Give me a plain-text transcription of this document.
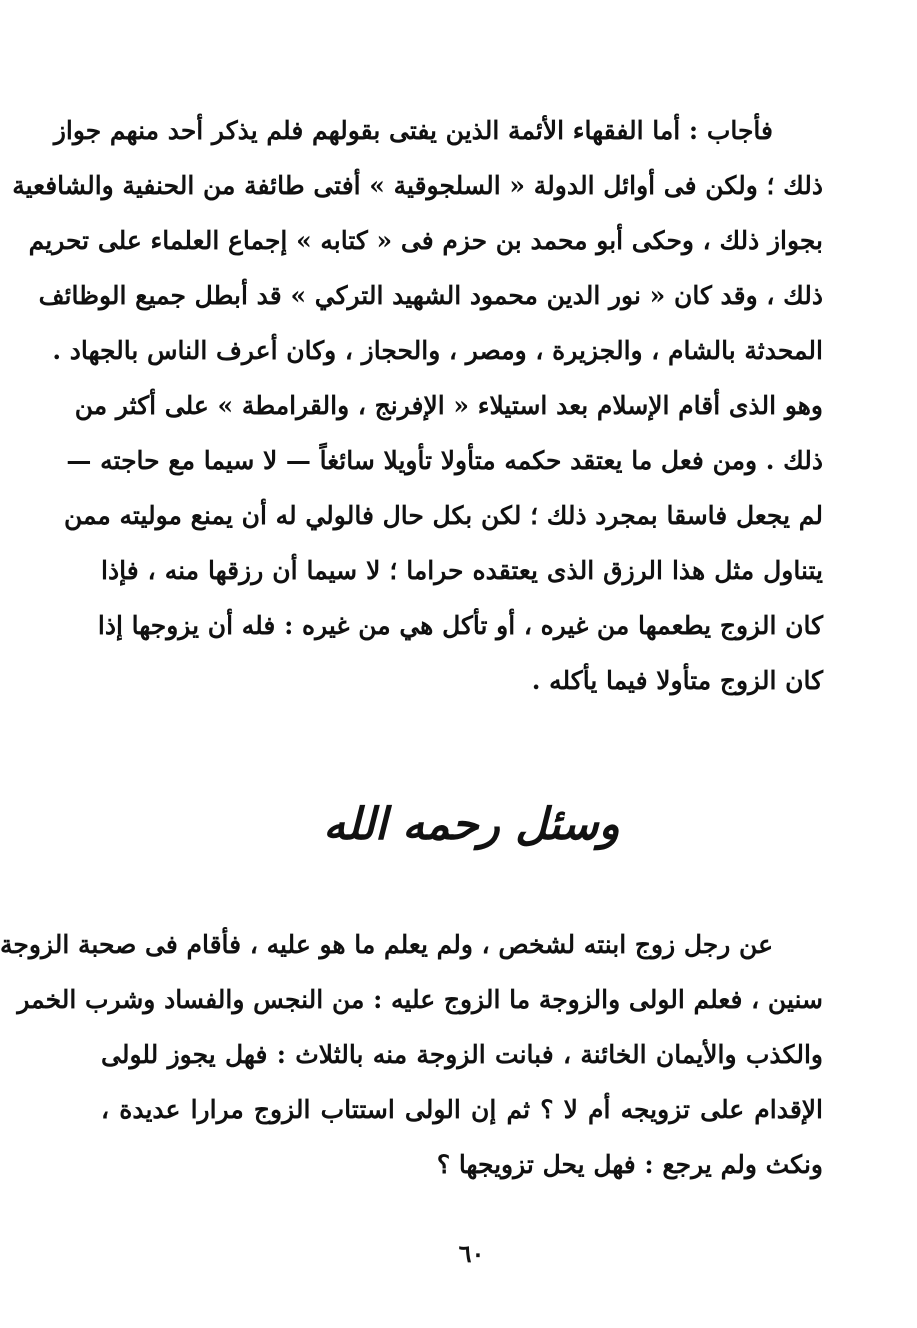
فأجاب : أما الفقهاء الأئمة الذين يفتى بقولهم فلم يذكر أحد منهم جواز
ذلك ؛ ولكن فى أوائل الدولة « السلجوقية » أفتى طائفة من الحنفية والشافعية
بجواز ذلك ، وحكى أبو محمد بن حزم فى « كتابه » إجماع العلماء على تحريم
ذلك ، وقد كان « نور الدين محمود الشهيد التركي » قد أبطل جميع الوظائف
المحدثة بالشام ، والجزيرة ، ومصر ، والحجاز ، وكان أعرف الناس بالجهاد .
وهو الذى أقام الإسلام بعد استيلاء « الإفرنج ، والقرامطة » على أكثر من
ذلك . ومن فعل ما يعتقد حكمه متأولا تأويلا سائغاً — لا سيما مع حاجته —
لم يجعل فاسقا بمجرد ذلك ؛ لكن بكل حال فالولي له أن يمنع موليته ممن
يتناول مثل هذا الرزق الذى يعتقده حراما ؛ لا سيما أن رزقها منه ، فإذا
كان الزوج يطعمها من غيره ، أو تأكل هي من غيره : فله أن يزوجها إذا
كان الزوج متأولا فيما يأكله .
وسئل رحمه الله
عن رجل زوج ابنته لشخص ، ولم يعلم ما هو عليه ، فأقام فى صحبة الزوجة
سنين ، فعلم الولى والزوجة ما الزوج عليه : من النجس والفساد وشرب الخمر
والكذب والأيمان الخائنة ، فبانت الزوجة منه بالثلاث : فهل يجوز للولى
الإقدام على تزويجه أم لا ؟ ثم إن الولى استتاب الزوج مرارا عديدة ،
ونكث ولم يرجع : فهل يحل تزويجها ؟
٦٠
